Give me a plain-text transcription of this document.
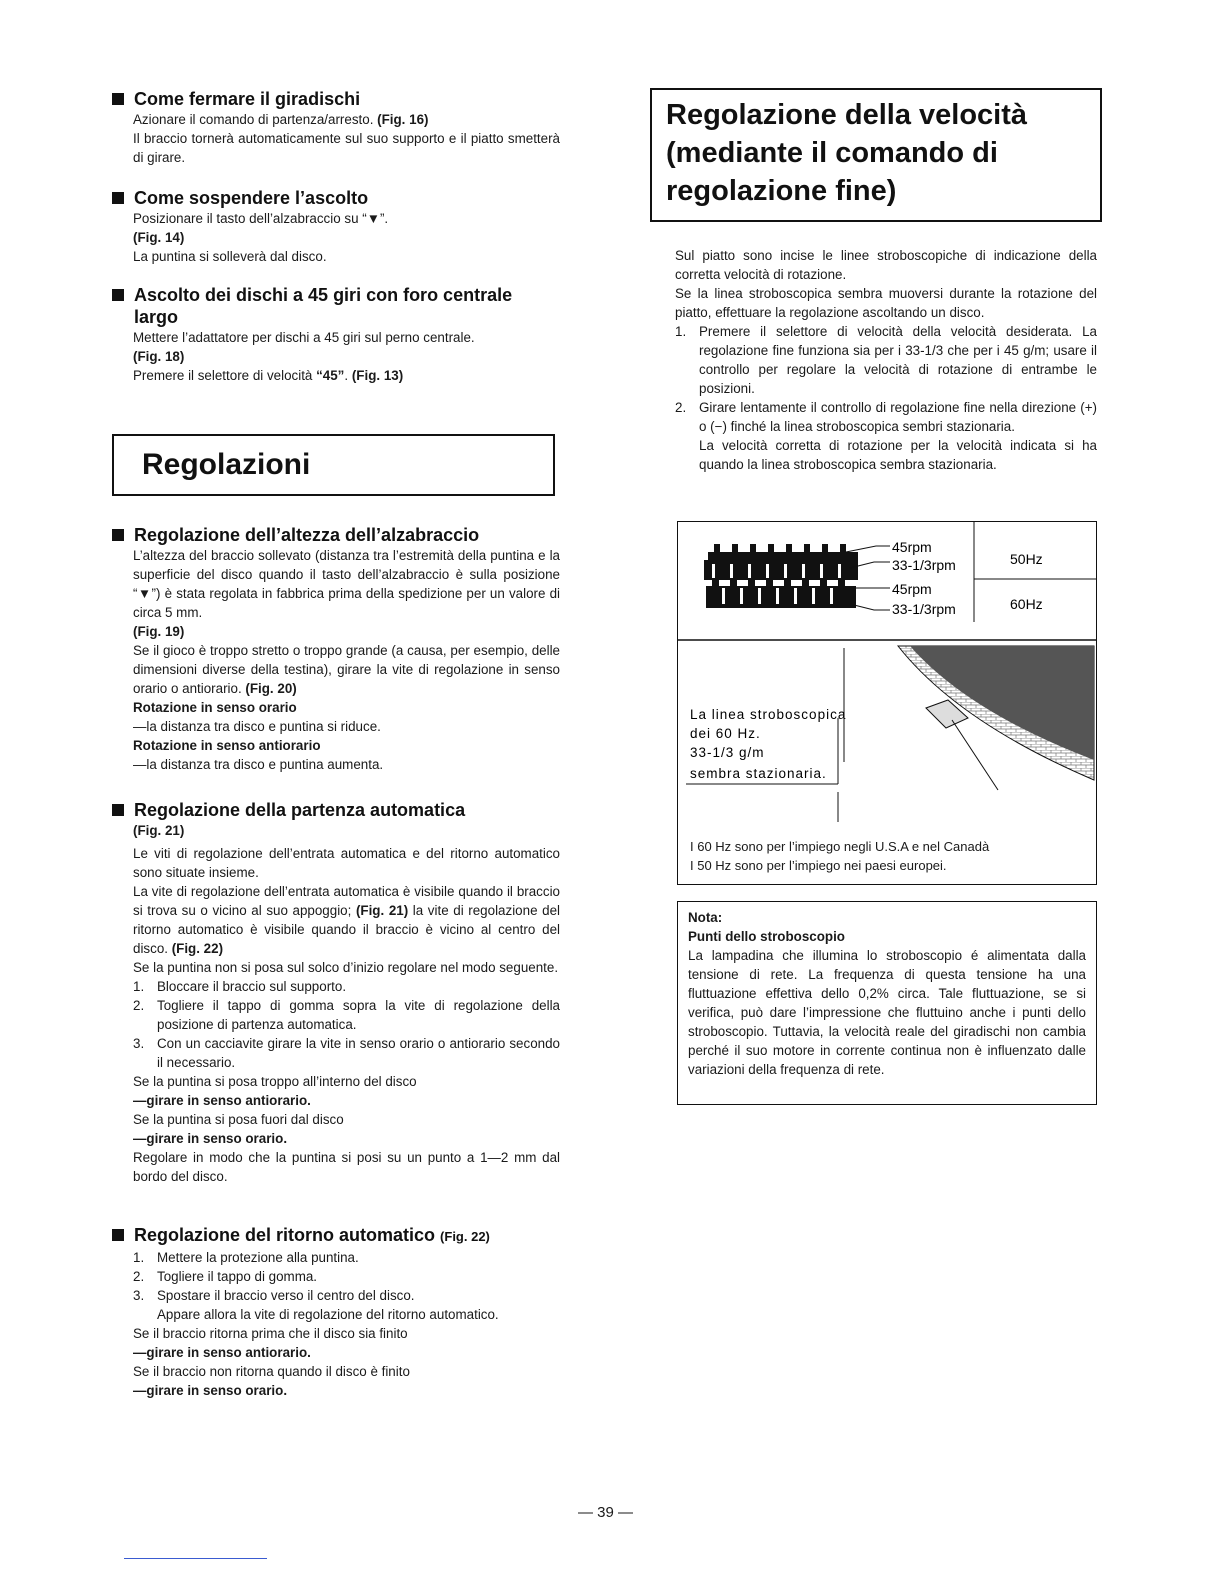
Come fermare il giradischi

Azionare il comando di partenza/arresto. (Fig. 16)

Il braccio tornerà automaticamente sul suo supporto e il piatto smetterà di girare.

Come sospendere l’ascolto

Posizionare il tasto dell’alzabraccio su “▼”.

(Fig. 14)

La puntina si solleverà dal disco.

Ascolto dei dischi a 45 giri con foro centrale largo

Mettere l’adattatore per dischi a 45 giri sul perno centrale.

(Fig. 18)

Premere il selettore di velocità “45”. (Fig. 13)

Regolazioni
Regolazione dell’altezza dell’alzabraccio

L’altezza del braccio sollevato (distanza tra l’estremità della puntina e la superficie del disco quando il tasto dell’alzabraccio è sulla posizione “▼”) è stata regolata in fabbrica prima della spedizione per un valore di circa 5 mm.

(Fig. 19)

Se il gioco è troppo stretto o troppo grande (a causa, per esempio, delle dimensioni diverse della testina), girare la vite di regolazione in senso orario o antiorario. (Fig. 20)

Rotazione in senso orario

—la distanza tra disco e puntina si riduce.

Rotazione in senso antiorario

—la distanza tra disco e puntina aumenta.

Regolazione della partenza automatica

(Fig. 21)

Le viti di regolazione dell’entrata automatica e del ritorno automatico sono situate insieme.

La vite di regolazione dell’entrata automatica è visibile quando il braccio si trova su o vicino al suo appoggio; (Fig. 21) la vite di regolazione del ritorno automatico è visibile quando il braccio è vicino al centro del disco. (Fig. 22)

Se la puntina non si posa sul solco d’inizio regolare nel modo seguente.

1. Bloccare il braccio sul supporto.
2. Togliere il tappo di gomma sopra la vite di regolazione della posizione di partenza automatica.
3. Con un cacciavite girare la vite in senso orario o antiorario secondo il necessario.

Se la puntina si posa troppo all’interno del disco

—girare in senso antiorario.

Se la puntina si posa fuori dal disco

—girare in senso orario.

Regolare in modo che la puntina si posi su un punto a 1—2 mm dal bordo del disco.

Regolazione del ritorno automatico (Fig. 22)
1. Mettere la protezione alla puntina.
2. Togliere il tappo di gomma.
3. Spostare il braccio verso il centro del disco.
Appare allora la vite di regolazione del ritorno automatico.

Se il braccio ritorna prima che il disco sia finito

—girare in senso antiorario.

Se il braccio non ritorna quando il disco è finito

—girare in senso orario.

Regolazione della velocità
(mediante il comando di
regolazione fine)

Sul piatto sono incise le linee stroboscopiche di indicazione della corretta velocità di rotazione.

Se la linea stroboscopica sembra muoversi durante la rotazione del piatto, effettuare la regolazione ascoltando un disco.

1. Premere il selettore di velocità della velocità desiderata. La regolazione fine funziona sia per i 33-1/3 che per i 45 g/m; usare il controllo per regolare la velocità di rotazione di entrambe le posizioni.
2. Girare lentamente il controllo di regolazione fine nella direzione (+) o (−) finché la linea stroboscopica sembri stazionaria.
La velocità corretta di rotazione per la velocità indicata si ha quando la linea stroboscopica sembra stazionaria.
45rpm
33-1/3rpm
45rpm
33-1/3rpm
50Hz
60Hz
La linea stroboscopica
dei 60 Hz.
33-1/3 g/m
sembra stazionaria.
I 60 Hz sono per l’impiego negli U.S.A e nel Canadà
I 50 Hz sono per l’impiego nei paesi europei.

Nota:

Punti dello stroboscopio

La lampadina che illumina lo stroboscopio é alimentata dalla tensione di rete. La frequenza di questa tensione ha una fluttuazione effettiva dello 0,2% circa. Tale fluttuazione, se si verifica, può dare l’impressione che fluttuino anche i punti dello stroboscopio. Tuttavia, la velocità reale del giradischi non cambia perché il suo motore in corrente continua non è influenzato dalle variazioni della frequenza di rete.

— 39 —
